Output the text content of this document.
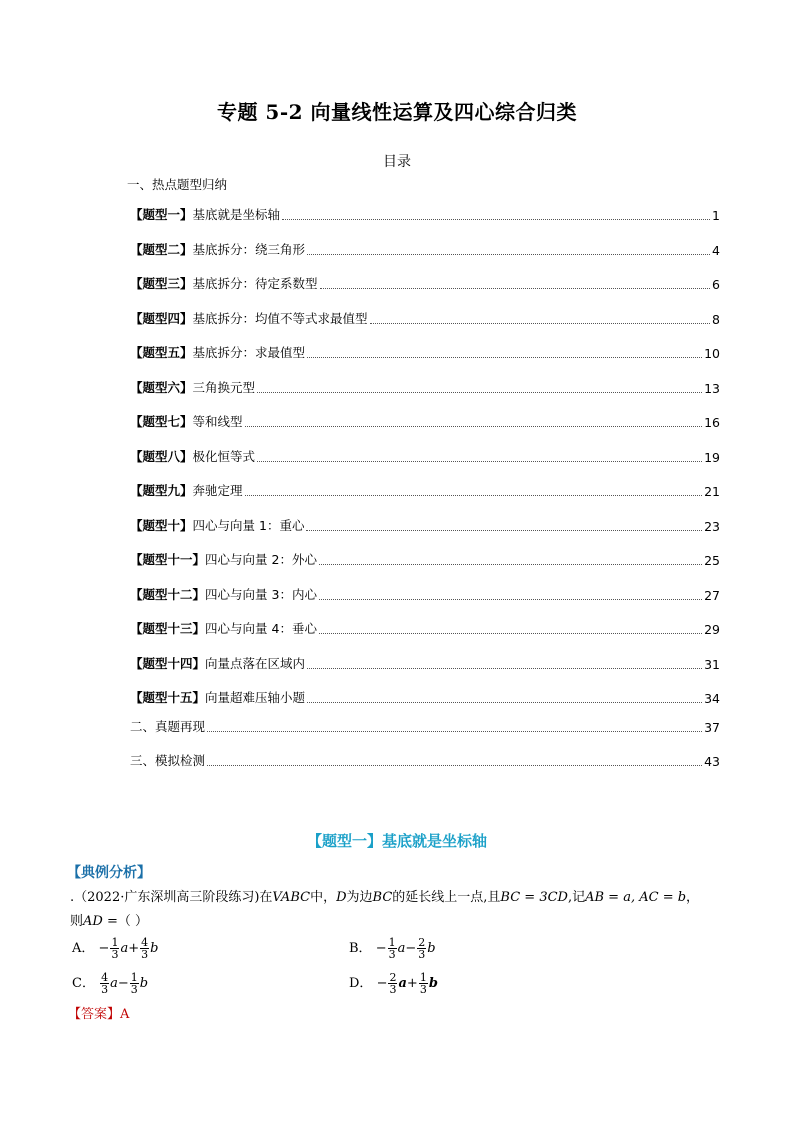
专题 5-2 向量线性运算及四心综合归类
目录
一、热点题型归纳
【题型一】基底就是坐标轴	1
【题型二】基底拆分：绕三角形	4
【题型三】基底拆分：待定系数型	6
【题型四】基底拆分：均值不等式求最值型	8
【题型五】基底拆分：求最值型	10
【题型六】三角换元型	13
【题型七】等和线型	16
【题型八】极化恒等式	19
【题型九】奔驰定理	21
【题型十】四心与向量 1：重心	23
【题型十一】四心与向量 2：外心	25
【题型十二】四心与向量 3：内心	27
【题型十三】四心与向量 4：垂心	29
【题型十四】向量点落在区域内	31
【题型十五】向量超难压轴小题	34
二、真题再现	37
三、模拟检测	43
【题型一】基底就是坐标轴
【典例分析】
.（2022·广东深圳高三阶段练习)在VABC中，D为边BC的延长线上一点,且BC = 3CD,记AB = a, AC = b，
则AD =（ ）
A． − $\frac{1}{3} a+ \frac{4}{3}$ b	B． − $\frac{1}{3} a- \frac{2}{3}$ b
C． $\frac{4}{3} a- \frac{1}{3}$ b	D． − $\frac{2}{3} a+ \frac{1}{3}$ b
【答案】A
